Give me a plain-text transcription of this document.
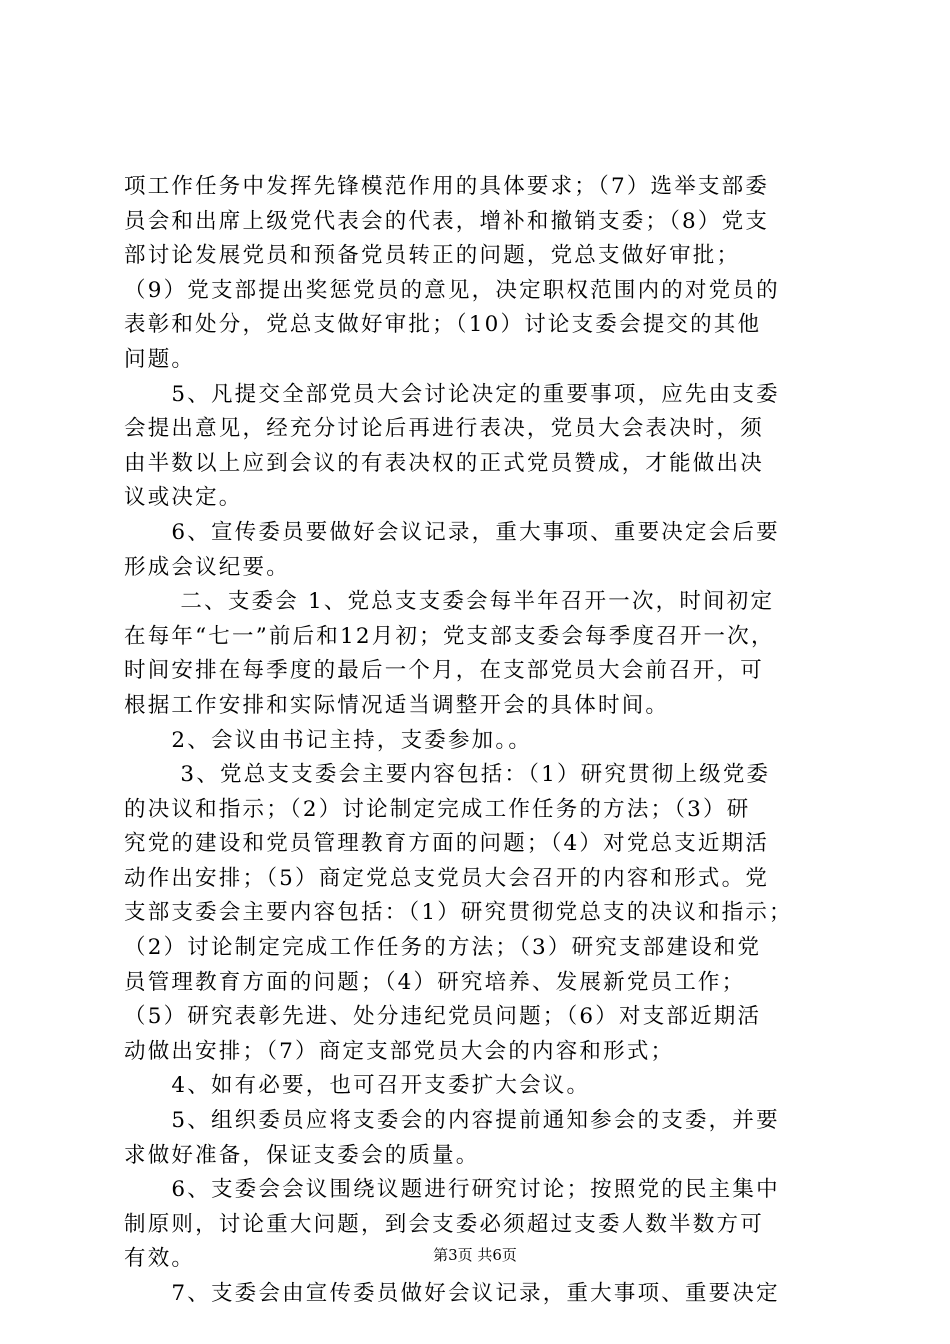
项工作任务中发挥先锋模范作用的具体要求；（7）选举支部委
员会和出席上级党代表会的代表，增补和撤销支委；（8）党支
部讨论发展党员和预备党员转正的问题，党总支做好审批；
（9）党支部提出奖惩党员的意见，决定职权范围内的对党员的
表彰和处分，党总支做好审批；（10）讨论支委会提交的其他
问题。
　　5、凡提交全部党员大会讨论决定的重要事项，应先由支委
会提出意见，经充分讨论后再进行表决，党员大会表决时，须
由半数以上应到会议的有表决权的正式党员赞成，才能做出决
议或决定。
　　6、宣传委员要做好会议记录，重大事项、重要决定会后要
形成会议纪要。
　　 二、支委会 1、党总支支委会每半年召开一次，时间初定
在每年“七一”前后和12月初；党支部支委会每季度召开一次，
时间安排在每季度的最后一个月，在支部党员大会前召开，可
根据工作安排和实际情况适当调整开会的具体时间。
　　2、会议由书记主持，支委参加。。
　　 3、党总支支委会主要内容包括：（1）研究贯彻上级党委
的决议和指示；（2）讨论制定完成工作任务的方法；（3）研
究党的建设和党员管理教育方面的问题；（4）对党总支近期活
动作出安排；（5）商定党总支党员大会召开的内容和形式。党
支部支委会主要内容包括：（1）研究贯彻党总支的决议和指示；
（2）讨论制定完成工作任务的方法；（3）研究支部建设和党
员管理教育方面的问题；（4）研究培养、发展新党员工作；
（5）研究表彰先进、处分违纪党员问题；（6）对支部近期活
动做出安排；（7）商定支部党员大会的内容和形式；
　　4、如有必要，也可召开支委扩大会议。
　　5、组织委员应将支委会的内容提前通知参会的支委，并要
求做好准备，保证支委会的质量。
　　6、支委会会议围绕议题进行研究讨论；按照党的民主集中
制原则，讨论重大问题，到会支委必须超过支委人数半数方可
有效。
　　7、支委会由宣传委员做好会议记录，重大事项、重要决定
第3页 共6页
